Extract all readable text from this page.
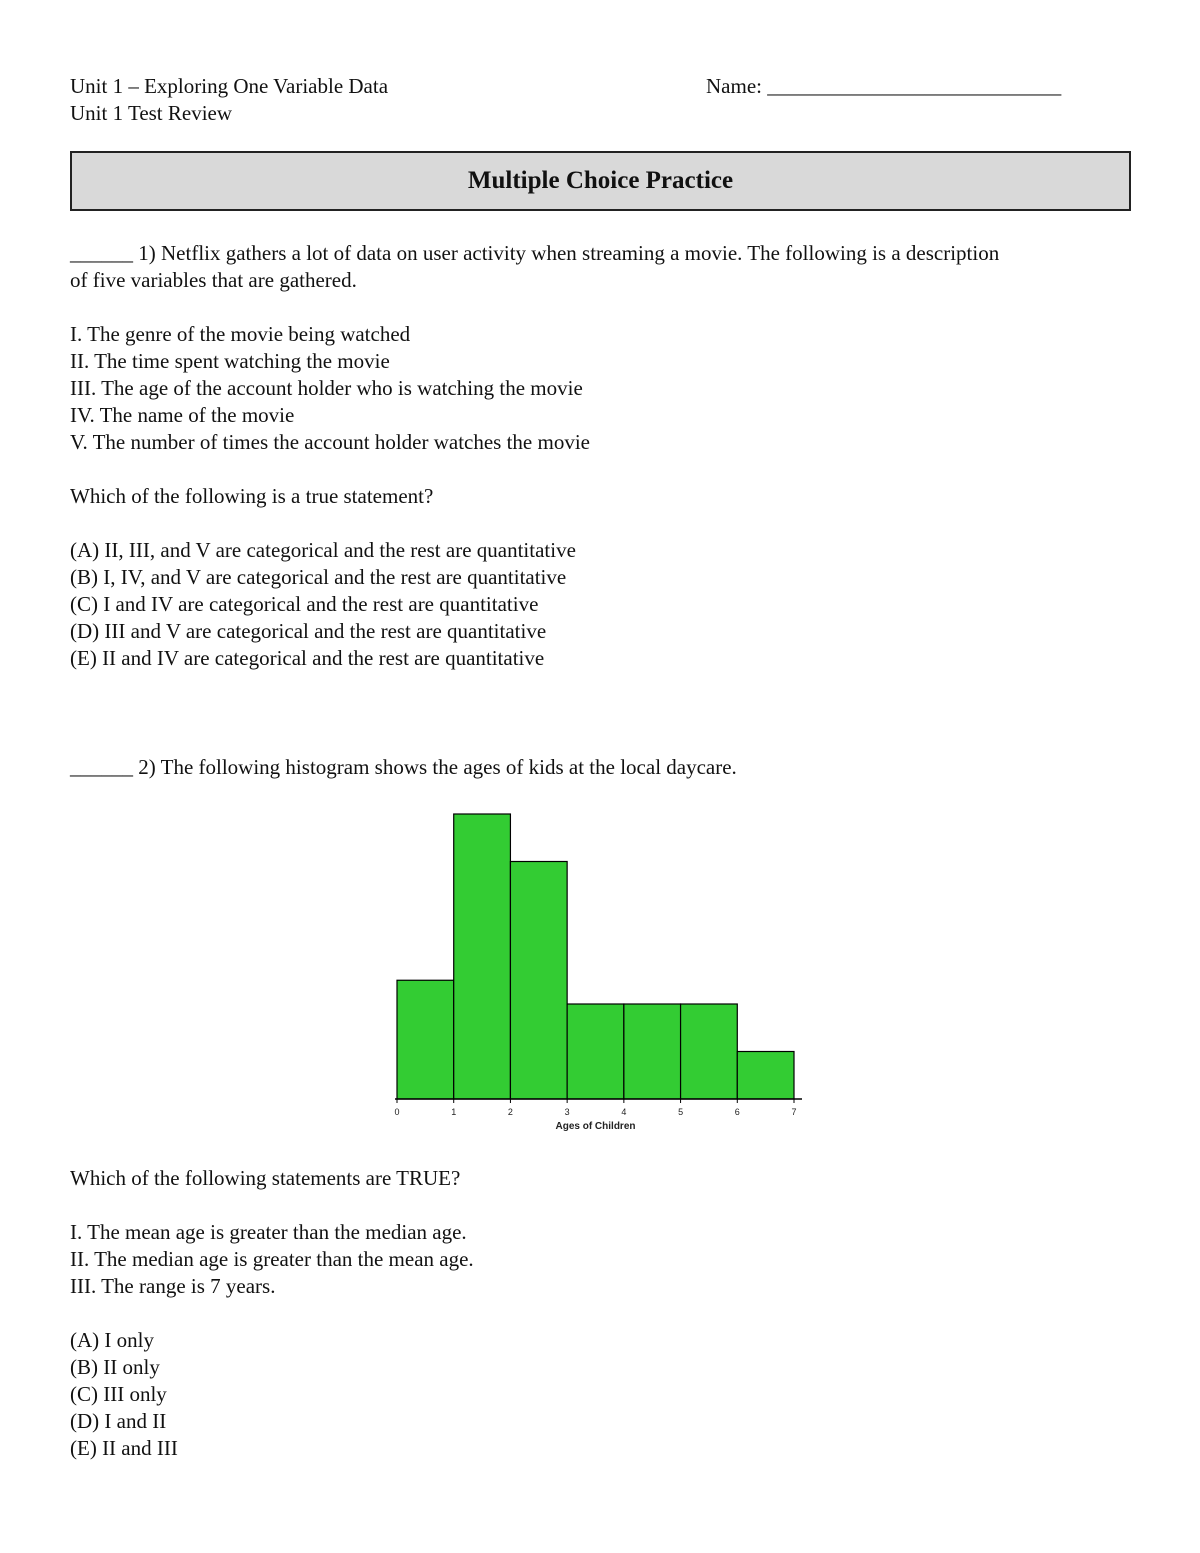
Unit 1 – Exploring One Variable Data
Unit 1 Test Review
Name: ____________________________
Multiple Choice Practice
______ 1) Netflix gathers a lot of data on user activity when streaming a movie. The following is a description
of five variables that are gathered.
I. The genre of the movie being watched
II. The time spent watching the movie
III. The age of the account holder who is watching the movie
IV. The name of the movie
V. The number of times the account holder watches the movie
Which of the following is a true statement?
(A) II, III, and V are categorical and the rest are quantitative
(B) I, IV, and V are categorical and the rest are quantitative
(C) I and IV are categorical and the rest are quantitative
(D) III and V are categorical and the rest are quantitative
(E) II and IV are categorical and the rest are quantitative
______ 2) The following histogram shows the ages of kids at the local daycare.
0	1	2	3	4	5	6	7
Ages of Children
Which of the following statements are TRUE?
I. The mean age is greater than the median age.
II. The median age is greater than the mean age.
III. The range is 7 years.
(A) I only
(B) II only
(C) III only
(D) I and II
(E) II and III
